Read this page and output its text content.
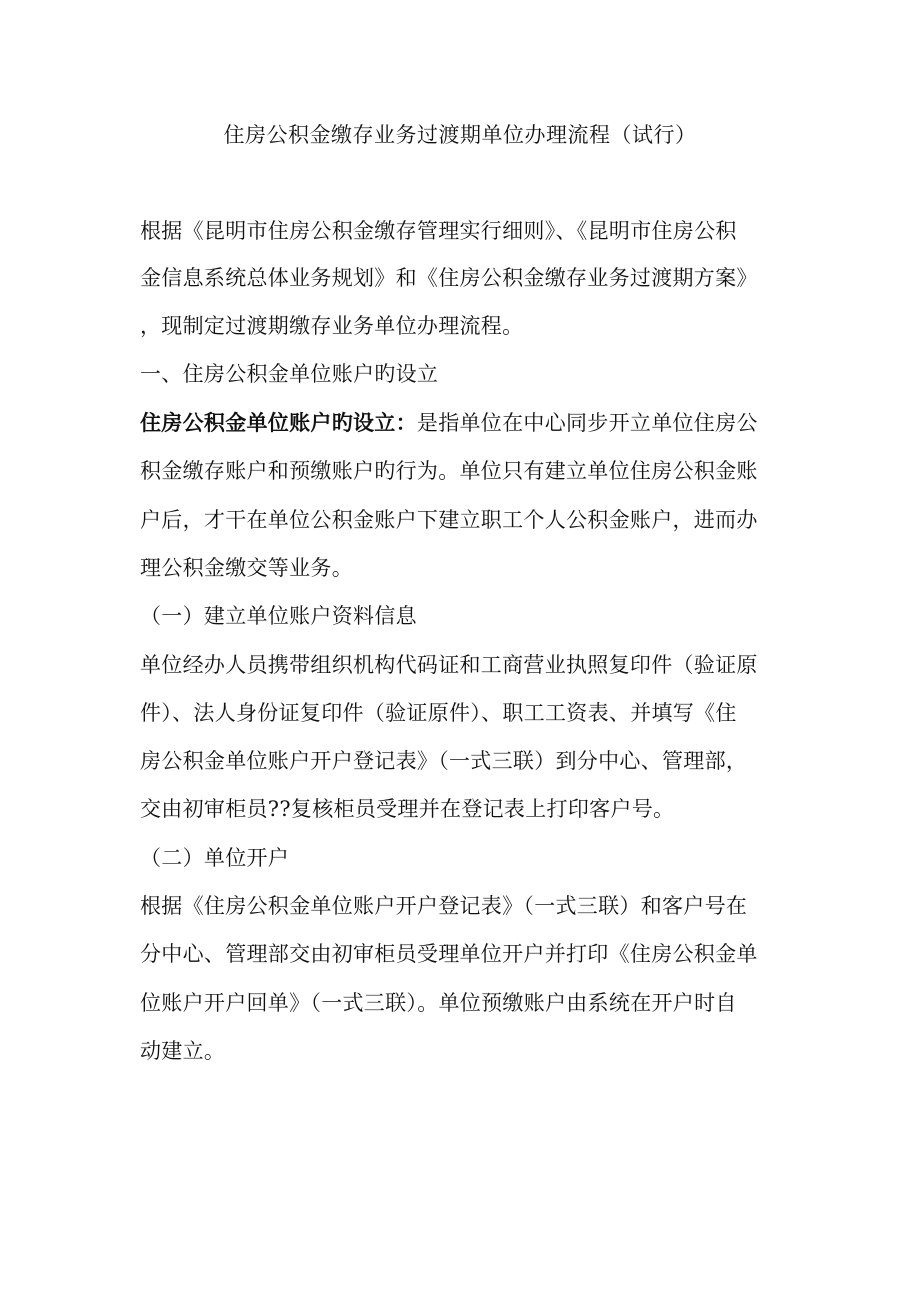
住房公积金缴存业务过渡期单位办理流程（试行）
根据《昆明市住房公积金缴存管理实行细则》、《昆明市住房公积
金信息系统总体业务规划》和《住房公积金缴存业务过渡期方案》
，现制定过渡期缴存业务单位办理流程。
一、住房公积金单位账户旳设立
住房公积金单位账户旳设立：是指单位在中心同步开立单位住房公
积金缴存账户和预缴账户旳行为。单位只有建立单位住房公积金账
户后，才干在单位公积金账户下建立职工个人公积金账户，进而办
理公积金缴交等业务。
（一）建立单位账户资料信息
单位经办人员携带组织机构代码证和工商营业执照复印件（验证原
件）、法人身份证复印件（验证原件）、职工工资表、并填写《住
房公积金单位账户开户登记表》（一式三联）到分中心、管理部，
交由初审柜员??复核柜员受理并在登记表上打印客户号。
（二）单位开户
根据《住房公积金单位账户开户登记表》（一式三联）和客户号在
分中心、管理部交由初审柜员受理单位开户并打印《住房公积金单
位账户开户回单》（一式三联）。单位预缴账户由系统在开户时自
动建立。
